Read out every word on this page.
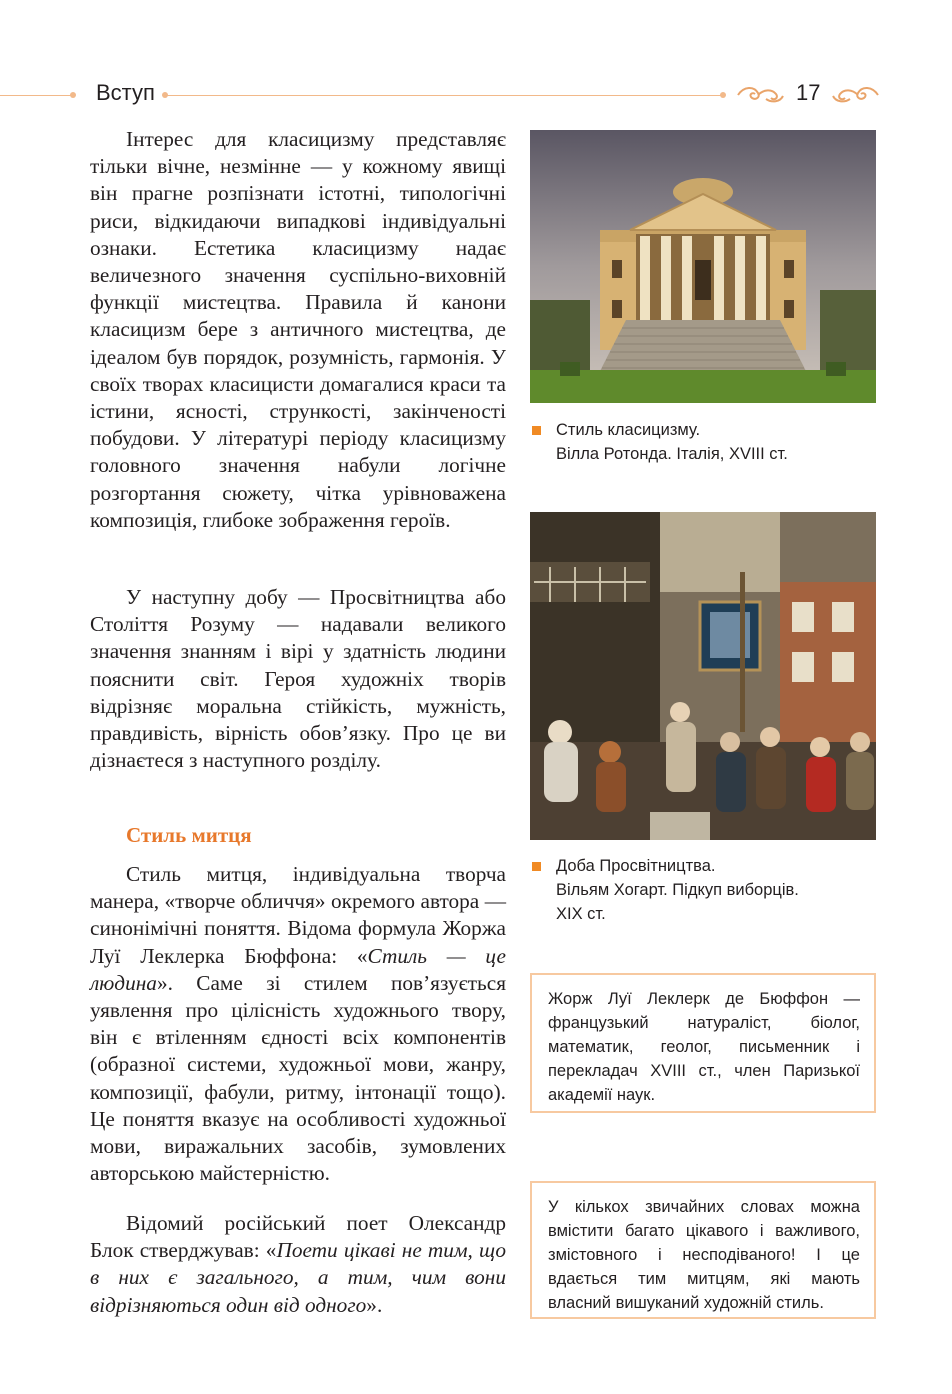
Вступ	17

Інтерес для класицизму представляє тільки вічне, незмінне — у кожному явищі він прагне розпізнати істотні, типологічні риси, відкидаючи випадкові індивідуальні ознаки. Естетика класицизму надає величезного значення суспільно-виховній функції мистецтва. Правила й канони класицизм бере з античного мистецтва, де ідеалом був порядок, розумність, гармонія. У своїх творах класицисти домагалися краси та істини, ясності, стрункості, закінченості побудови. У літературі періоду класицизму головного значення набули логічне розгортання сюжету, чітка урівноважена композиція, глибоке зображення героїв.

У наступну добу — Просвітництва або Століття Розуму — надавали великого значення знанням і вірі у здатність людини пояснити світ. Героя художніх творів відрізняє моральна стійкість, мужність, правдивість, вірність обов’язку. Про це ви дізнаєтеся з наступного розділу.

Стиль митця

Стиль митця, індивідуальна творча манера, «творче обличчя» окремого автора — синонімічні поняття. Відома формула Жоржа Луї Леклерка Бюффона: «Стиль — це людина». Саме зі стилем пов’язується уявлення про цілісність художнього твору, він є втіленням єдності всіх компонентів (образної системи, художньої мови, жанру, композиції, фабули, ритму, інтонації тощо). Це поняття вказує на особливості художньої мови, виражальних засобів, зумовлених авторською майстерністю.

Відомий російський поет Олександр Блок стверджував: «Поети цікаві не тим, що в них є загального, а тим, чим вони відрізняються один від одного».

Стиль класицизму.
Вілла Ротонда. Італія, XVIII ст.
Доба Просвітництва.
Вільям Хогарт. Підкуп виборців.
XIX ст.
Жорж Луї Леклерк де Бюффон — французький натураліст, біолог, математик, геолог, письменник і перекладач XVIII ст., член Паризької академії наук.
У кількох звичайних словах можна вмістити багато цікавого і важливого, змістовного і несподіваного! І це вдається тим митцям, які мають власний вишуканий художній стиль.
